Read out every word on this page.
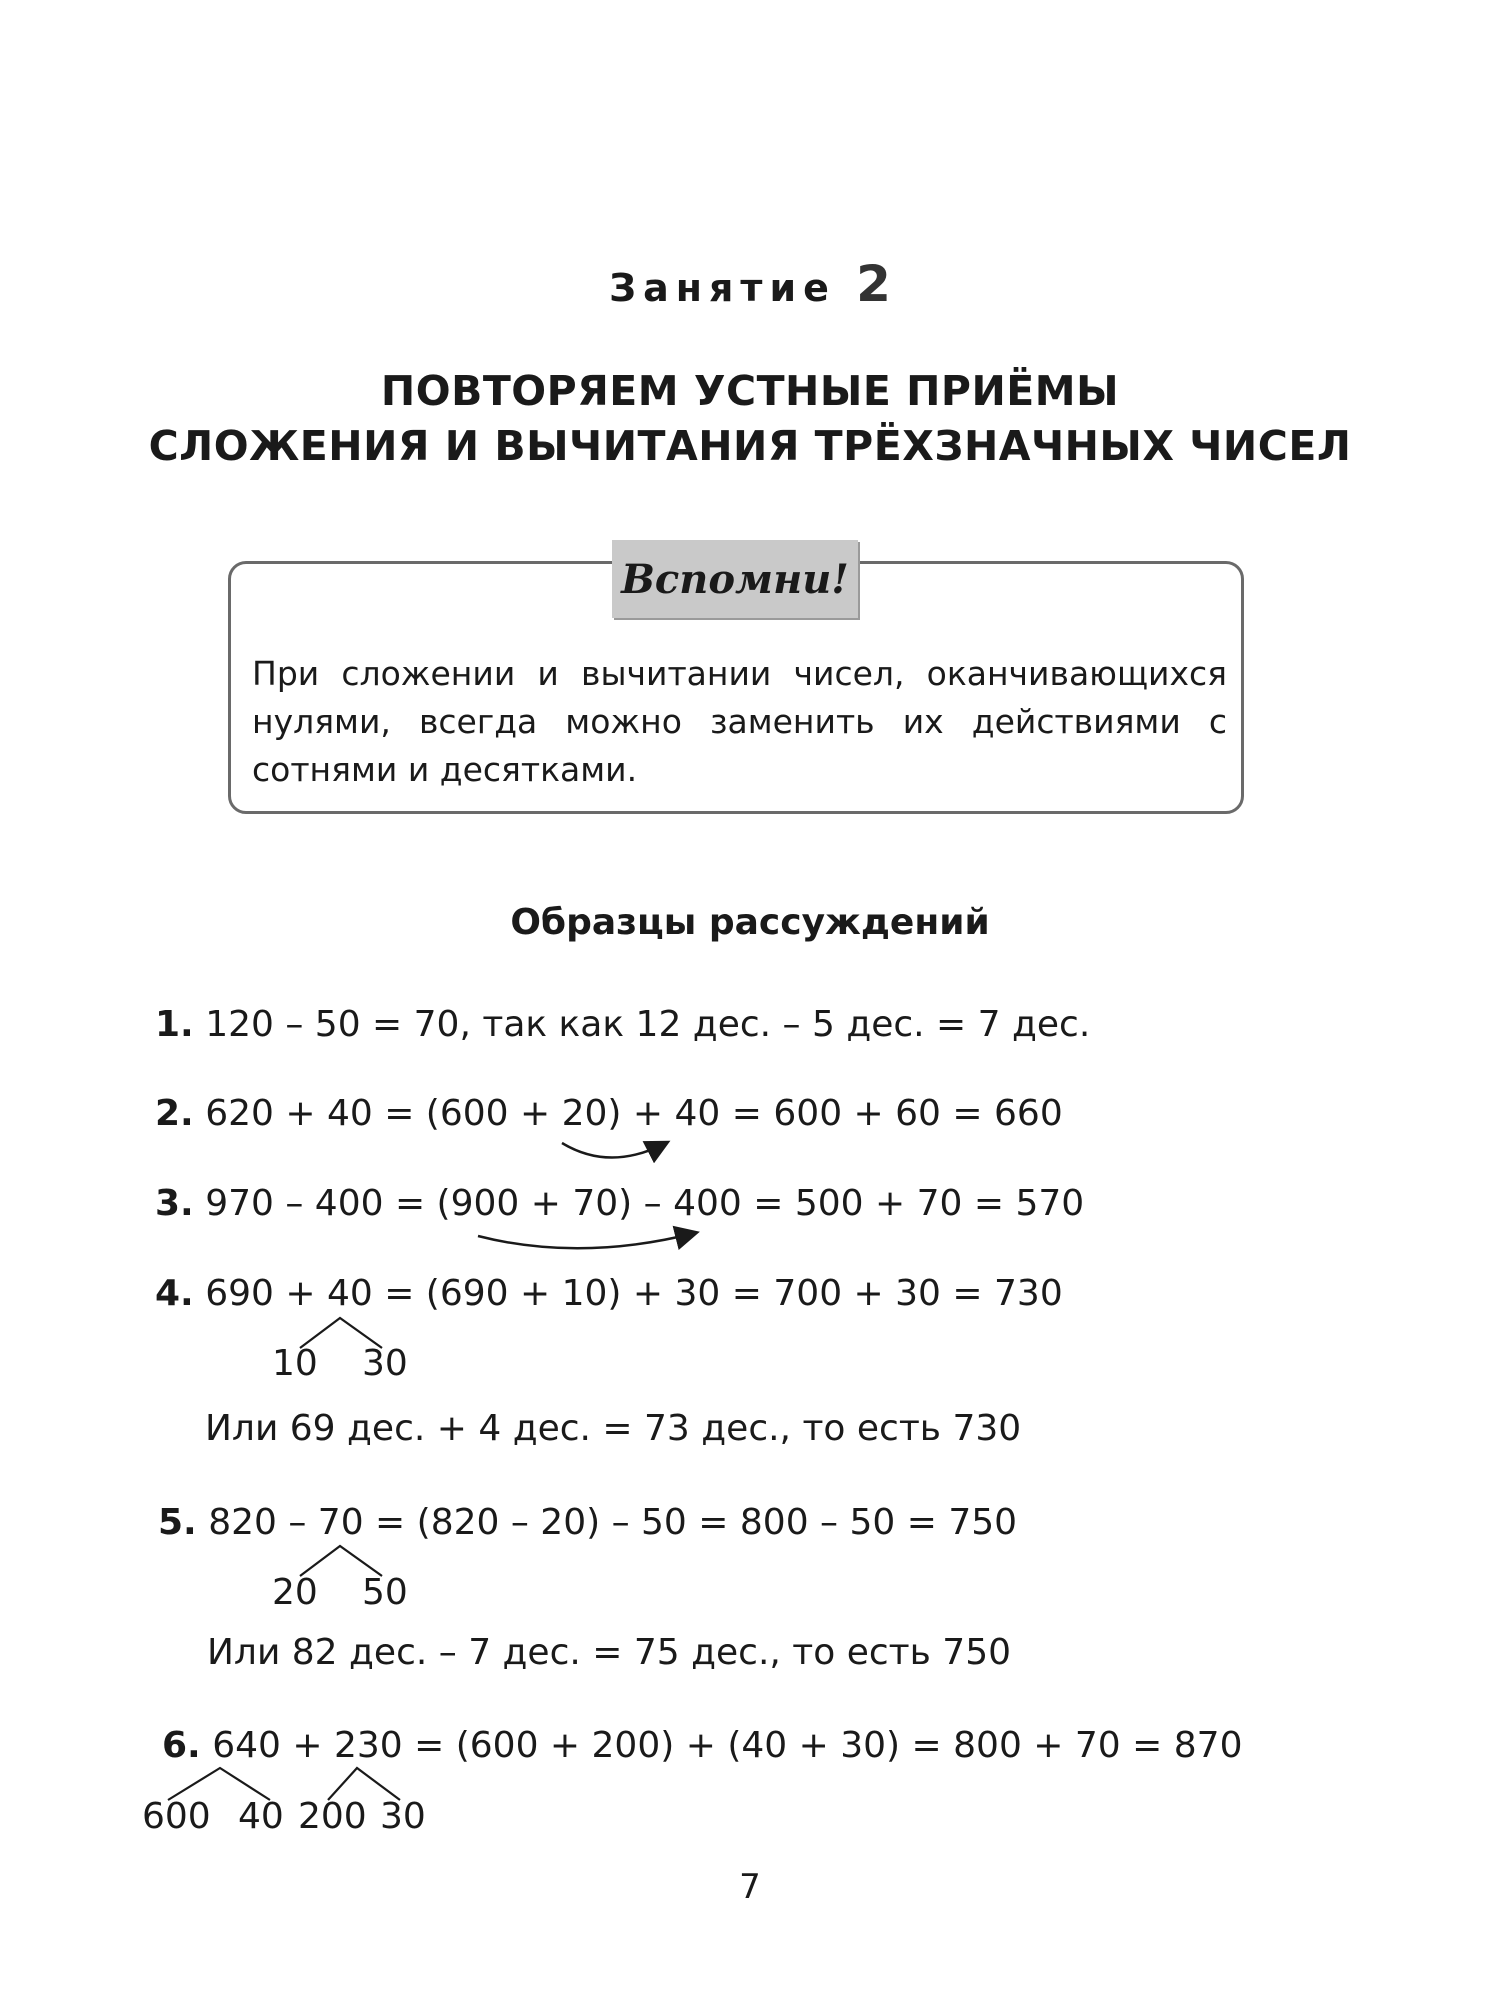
Занятие 2
ПОВТОРЯЕМ УСТНЫЕ ПРИЁМЫ
СЛОЖЕНИЯ И ВЫЧИТАНИЯ ТРЁХЗНАЧНЫХ ЧИСЕЛ
Вспомни!
При сложении и вычитании чисел, оканчивающихся нулями, всегда можно заменить их действиями с сотнями и десятками.
Образцы рассуждений
1. 120 – 50 = 70, так как 12 дес. – 5 дес. = 7 дес.
2. 620 + 40 = (600 + 20) + 40 = 600 + 60 = 660
3. 970 – 400 = (900 + 70) – 400 = 500 + 70 = 570
4. 690 + 40 = (690 + 10) + 30 = 700 + 30 = 730
10 30
Или 69 дес. + 4 дес. = 73 дес., то есть 730
5. 820 – 70 = (820 – 20) – 50 = 800 – 50 = 750
20 50
Или 82 дес. – 7 дес. = 75 дес., то есть 750
6. 640 + 230 = (600 + 200) + (40 + 30) = 800 + 70 = 870
600 40 200 30
7
